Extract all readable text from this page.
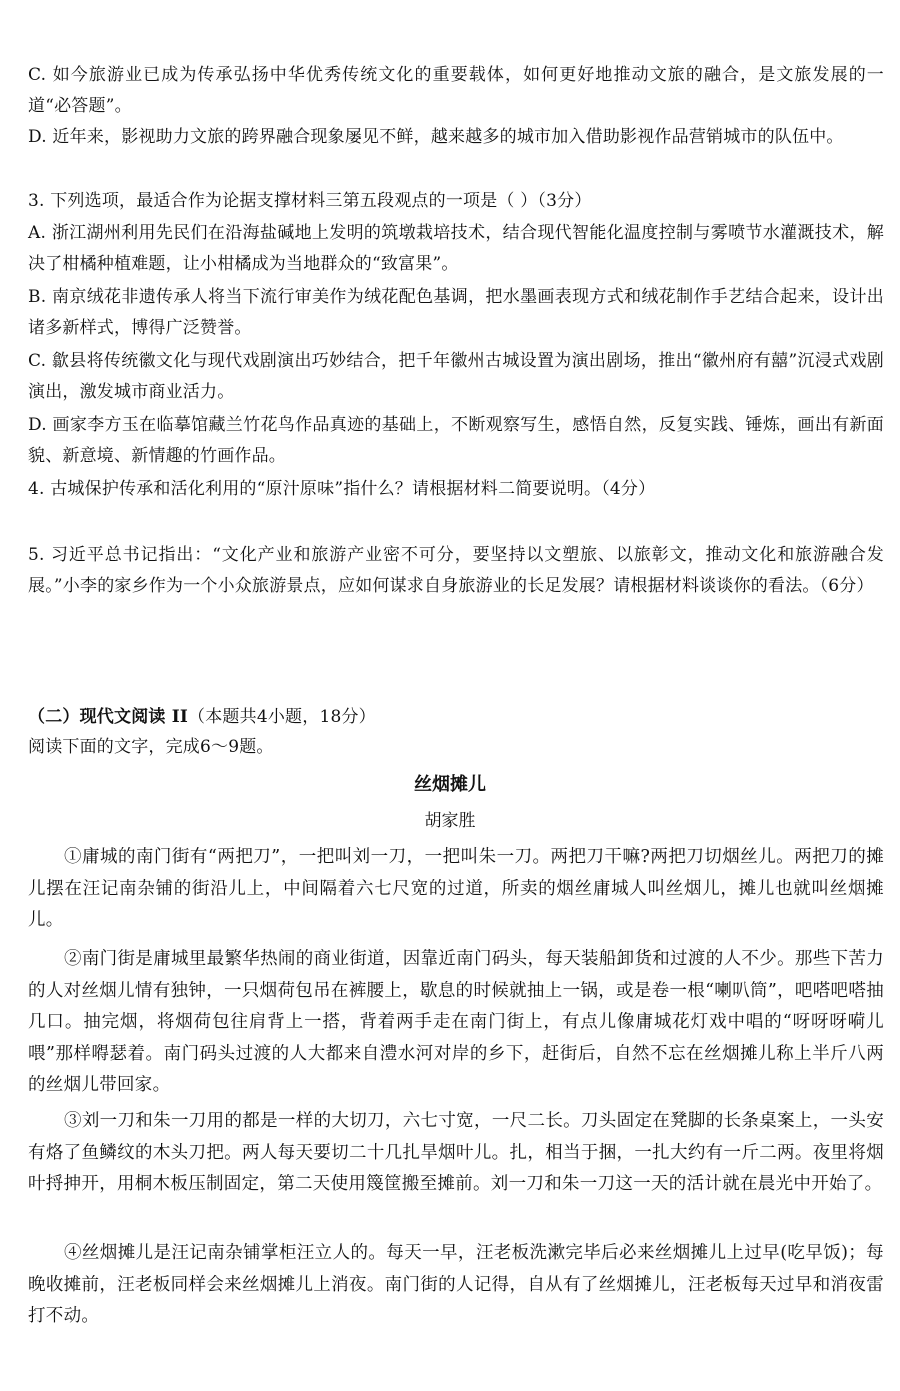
C. 如今旅游业已成为传承弘扬中华优秀传统文化的重要载体，如何更好地推动文旅的融合，是文旅发展的一道“必答题”。

D. 近年来，影视助力文旅的跨界融合现象屡见不鲜，越来越多的城市加入借助影视作品营销城市的队伍中。

3. 下列选项，最适合作为论据支撑材料三第五段观点的一项是（ ）（3分）

A. 浙江湖州利用先民们在沿海盐碱地上发明的筑墩栽培技术，结合现代智能化温度控制与雾喷节水灌溉技术，解决了柑橘种植难题，让小柑橘成为当地群众的“致富果”。

B. 南京绒花非遗传承人将当下流行审美作为绒花配色基调，把水墨画表现方式和绒花制作手艺结合起来，设计出诸多新样式，博得广泛赞誉。

C. 歙县将传统徽文化与现代戏剧演出巧妙结合，把千年徽州古城设置为演出剧场，推出“徽州府有囍”沉浸式戏剧演出，激发城市商业活力。

D. 画家李方玉在临摹馆藏兰竹花鸟作品真迹的基础上，不断观察写生，感悟自然，反复实践、锤炼，画出有新面貌、新意境、新情趣的竹画作品。

4. 古城保护传承和活化利用的“原汁原味”指什么？请根据材料二简要说明。（4分）

5. 习近平总书记指出：“文化产业和旅游产业密不可分，要坚持以文塑旅、以旅彰文，推动文化和旅游融合发展。”小李的家乡作为一个小众旅游景点，应如何谋求自身旅游业的长足发展？请根据材料谈谈你的看法。（6分）

（二）现代文阅读 II（本题共4小题，18分）

阅读下面的文字，完成6～9题。

丝烟摊儿

胡家胜

①庸城的南门街有“两把刀”，一把叫刘一刀，一把叫朱一刀。两把刀干嘛?两把刀切烟丝儿。两把刀的摊儿摆在汪记南杂铺的街沿儿上，中间隔着六七尺宽的过道，所卖的烟丝庸城人叫丝烟儿，摊儿也就叫丝烟摊儿。

②南门街是庸城里最繁华热闹的商业街道，因靠近南门码头，每天装船卸货和过渡的人不少。那些下苦力的人对丝烟儿情有独钟，一只烟荷包吊在裤腰上，歇息的时候就抽上一锅，或是卷一根“喇叭筒”，吧嗒吧嗒抽几口。抽完烟，将烟荷包往肩背上一搭，背着两手走在南门街上，有点儿像庸城花灯戏中唱的“呀呀呀嗬儿喂”那样嘚瑟着。南门码头过渡的人大都来自澧水河对岸的乡下，赶街后，自然不忘在丝烟摊儿称上半斤八两的丝烟儿带回家。

③刘一刀和朱一刀用的都是一样的大切刀，六七寸宽，一尺二长。刀头固定在凳脚的长条桌案上，一头安有烙了鱼鳞纹的木头刀把。两人每天要切二十几扎旱烟叶儿。扎，相当于捆，一扎大约有一斤二两。夜里将烟叶捋抻开，用桐木板压制固定，第二天使用篾筐搬至摊前。刘一刀和朱一刀这一天的活计就在晨光中开始了。

④丝烟摊儿是汪记南杂铺掌柜汪立人的。每天一早，汪老板洗漱完毕后必来丝烟摊儿上过早(吃早饭)；每晚收摊前，汪老板同样会来丝烟摊儿上消夜。南门街的人记得，自从有了丝烟摊儿，汪老板每天过早和消夜雷打不动。
